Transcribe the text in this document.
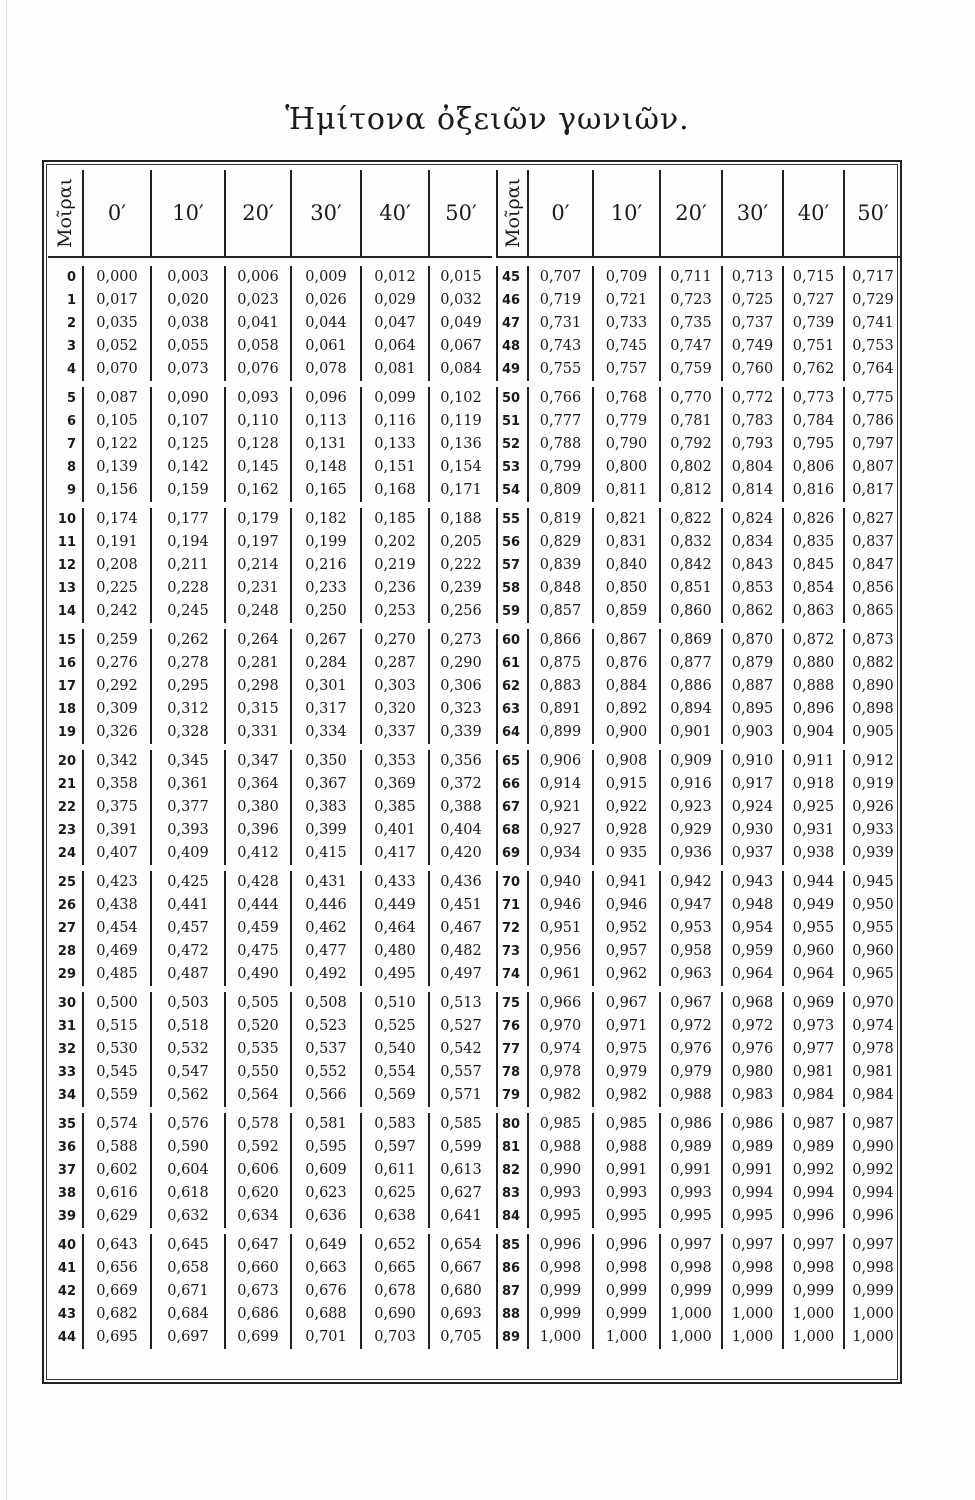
Ἡμίτονα ὀξειῶν γωνιῶν.
Μοῖραι	0′	10′	20′	30′	40′	50′
0	0,000	0,003	0,006	0,009	0,012	0,015
1	0,017	0,020	0,023	0,026	0,029	0,032
2	0,035	0,038	0,041	0,044	0,047	0,049
3	0,052	0,055	0,058	0,061	0,064	0,067
4	0,070	0,073	0,076	0,078	0,081	0,084
5	0,087	0,090	0,093	0,096	0,099	0,102
6	0,105	0,107	0,110	0,113	0,116	0,119
7	0,122	0,125	0,128	0,131	0,133	0,136
8	0,139	0,142	0,145	0,148	0,151	0,154
9	0,156	0,159	0,162	0,165	0,168	0,171
10	0,174	0,177	0,179	0,182	0,185	0,188
11	0,191	0,194	0,197	0,199	0,202	0,205
12	0,208	0,211	0,214	0,216	0,219	0,222
13	0,225	0,228	0,231	0,233	0,236	0,239
14	0,242	0,245	0,248	0,250	0,253	0,256
15	0,259	0,262	0,264	0,267	0,270	0,273
16	0,276	0,278	0,281	0,284	0,287	0,290
17	0,292	0,295	0,298	0,301	0,303	0,306
18	0,309	0,312	0,315	0,317	0,320	0,323
19	0,326	0,328	0,331	0,334	0,337	0,339
20	0,342	0,345	0,347	0,350	0,353	0,356
21	0,358	0,361	0,364	0,367	0,369	0,372
22	0,375	0,377	0,380	0,383	0,385	0,388
23	0,391	0,393	0,396	0,399	0,401	0,404
24	0,407	0,409	0,412	0,415	0,417	0,420
25	0,423	0,425	0,428	0,431	0,433	0,436
26	0,438	0,441	0,444	0,446	0,449	0,451
27	0,454	0,457	0,459	0,462	0,464	0,467
28	0,469	0,472	0,475	0,477	0,480	0,482
29	0,485	0,487	0,490	0,492	0,495	0,497
30	0,500	0,503	0,505	0,508	0,510	0,513
31	0,515	0,518	0,520	0,523	0,525	0,527
32	0,530	0,532	0,535	0,537	0,540	0,542
33	0,545	0,547	0,550	0,552	0,554	0,557
34	0,559	0,562	0,564	0,566	0,569	0,571
35	0,574	0,576	0,578	0,581	0,583	0,585
36	0,588	0,590	0,592	0,595	0,597	0,599
37	0,602	0,604	0,606	0,609	0,611	0,613
38	0,616	0,618	0,620	0,623	0,625	0,627
39	0,629	0,632	0,634	0,636	0,638	0,641
40	0,643	0,645	0,647	0,649	0,652	0,654
41	0,656	0,658	0,660	0,663	0,665	0,667
42	0,669	0,671	0,673	0,676	0,678	0,680
43	0,682	0,684	0,686	0,688	0,690	0,693
44	0,695	0,697	0,699	0,701	0,703	0,705
Μοῖραι	0′	10′	20′	30′	40′	50′
45	0,707	0,709	0,711	0,713	0,715	0,717
46	0,719	0,721	0,723	0,725	0,727	0,729
47	0,731	0,733	0,735	0,737	0,739	0,741
48	0,743	0,745	0,747	0,749	0,751	0,753
49	0,755	0,757	0,759	0,760	0,762	0,764
50	0,766	0,768	0,770	0,772	0,773	0,775
51	0,777	0,779	0,781	0,783	0,784	0,786
52	0,788	0,790	0,792	0,793	0,795	0,797
53	0,799	0,800	0,802	0,804	0,806	0,807
54	0,809	0,811	0,812	0,814	0,816	0,817
55	0,819	0,821	0,822	0,824	0,826	0,827
56	0,829	0,831	0,832	0,834	0,835	0,837
57	0,839	0,840	0,842	0,843	0,845	0,847
58	0,848	0,850	0,851	0,853	0,854	0,856
59	0,857	0,859	0,860	0,862	0,863	0,865
60	0,866	0,867	0,869	0,870	0,872	0,873
61	0,875	0,876	0,877	0,879	0,880	0,882
62	0,883	0,884	0,886	0,887	0,888	0,890
63	0,891	0,892	0,894	0,895	0,896	0,898
64	0,899	0,900	0,901	0,903	0,904	0,905
65	0,906	0,908	0,909	0,910	0,911	0,912
66	0,914	0,915	0,916	0,917	0,918	0,919
67	0,921	0,922	0,923	0,924	0,925	0,926
68	0,927	0,928	0,929	0,930	0,931	0,933
69	0,934	0 935	0,936	0,937	0,938	0,939
70	0,940	0,941	0,942	0,943	0,944	0,945
71	0,946	0,946	0,947	0,948	0,949	0,950
72	0,951	0,952	0,953	0,954	0,955	0,955
73	0,956	0,957	0,958	0,959	0,960	0,960
74	0,961	0,962	0,963	0,964	0,964	0,965
75	0,966	0,967	0,967	0,968	0,969	0,970
76	0,970	0,971	0,972	0,972	0,973	0,974
77	0,974	0,975	0,976	0,976	0,977	0,978
78	0,978	0,979	0,979	0,980	0,981	0,981
79	0,982	0,982	0,988	0,983	0,984	0,984
80	0,985	0,985	0,986	0,986	0,987	0,987
81	0,988	0,988	0,989	0,989	0,989	0,990
82	0,990	0,991	0,991	0,991	0,992	0,992
83	0,993	0,993	0,993	0,994	0,994	0,994
84	0,995	0,995	0,995	0,995	0,996	0,996
85	0,996	0,996	0,997	0,997	0,997	0,997
86	0,998	0,998	0,998	0,998	0,998	0,998
87	0,999	0,999	0,999	0,999	0,999	0,999
88	0,999	0,999	1,000	1,000	1,000	1,000
89	1,000	1,000	1,000	1,000	1,000	1,000
